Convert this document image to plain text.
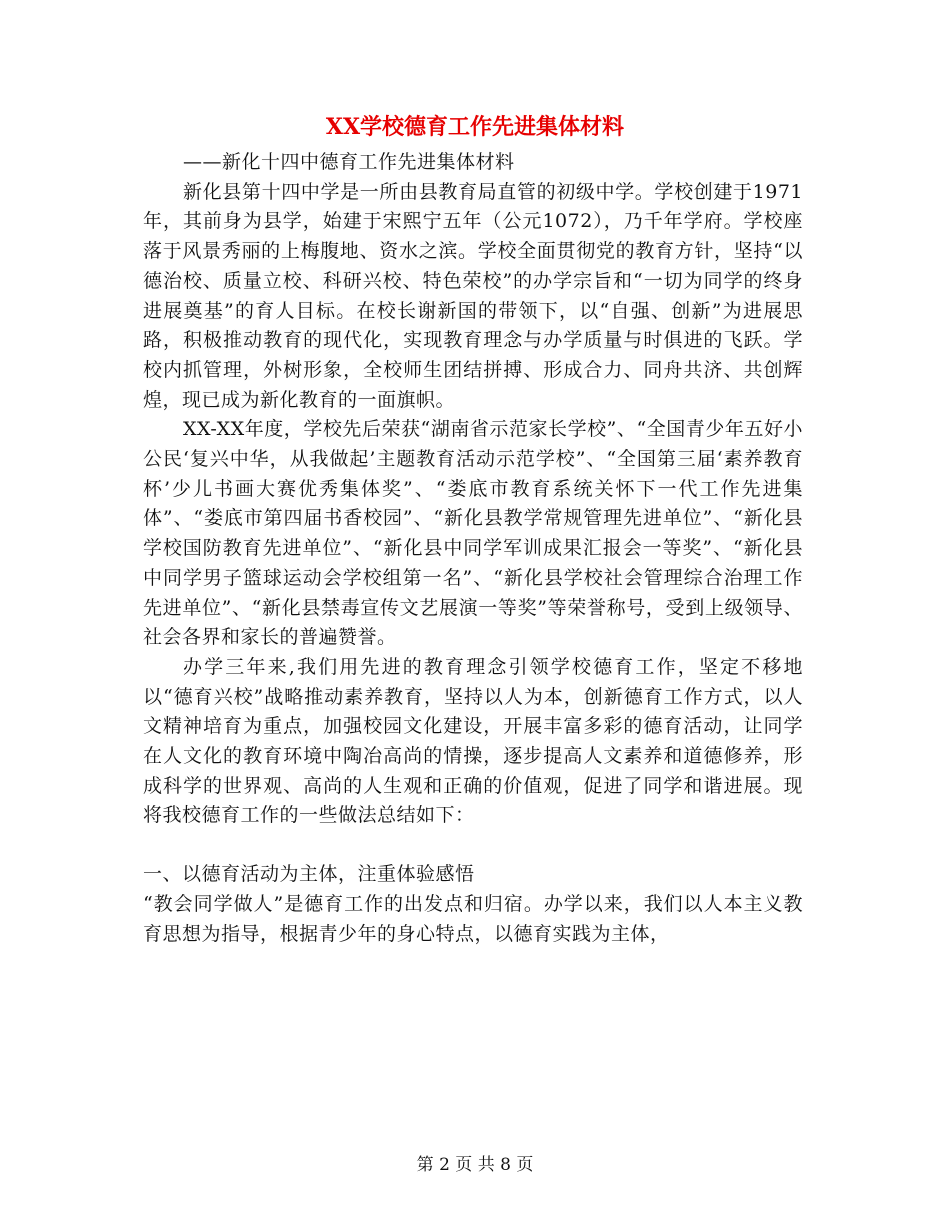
XX学校德育工作先进集体材料

——新化十四中德育工作先进集体材料

新化县第十四中学是一所由县教育局直管的初级中学。学校创建于1971年，其前身为县学，始建于宋熙宁五年（公元1072），乃千年学府。学校座落于风景秀丽的上梅腹地、资水之滨。学校全面贯彻党的教育方针，坚持“以德治校、质量立校、科研兴校、特色荣校”的办学宗旨和“一切为同学的终身进展奠基”的育人目标。在校长谢新国的带领下，以“自强、创新”为进展思路，积极推动教育的现代化，实现教育理念与办学质量与时俱进的飞跃。学校内抓管理，外树形象，全校师生团结拼搏、形成合力、同舟共济、共创辉煌，现已成为新化教育的一面旗帜。

XX-XX年度，学校先后荣获“湖南省示范家长学校”、“全国青少年五好小公民‘复兴中华，从我做起’主题教育活动示范学校”、“全国第三届‘素养教育杯’少儿书画大赛优秀集体奖”、“娄底市教育系统关怀下一代工作先进集体”、“娄底市第四届书香校园”、“新化县教学常规管理先进单位”、“新化县学校国防教育先进单位”、“新化县中同学军训成果汇报会一等奖”、“新化县中同学男子篮球运动会学校组第一名”、“新化县学校社会管理综合治理工作先进单位”、“新化县禁毒宣传文艺展演一等奖”等荣誉称号，受到上级领导、社会各界和家长的普遍赞誉。

办学三年来,我们用先进的教育理念引领学校德育工作，坚定不移地以“德育兴校”战略推动素养教育，坚持以人为本，创新德育工作方式，以人文精神培育为重点，加强校园文化建设，开展丰富多彩的德育活动，让同学在人文化的教育环境中陶冶高尚的情操，逐步提高人文素养和道德修养，形成科学的世界观、高尚的人生观和正确的价值观，促进了同学和谐进展。现将我校德育工作的一些做法总结如下：

一、以德育活动为主体，注重体验感悟

“教会同学做人”是德育工作的出发点和归宿。办学以来，我们以人本主义教育思想为指导，根据青少年的身心特点，以德育实践为主体，

第 2 页 共 8 页
